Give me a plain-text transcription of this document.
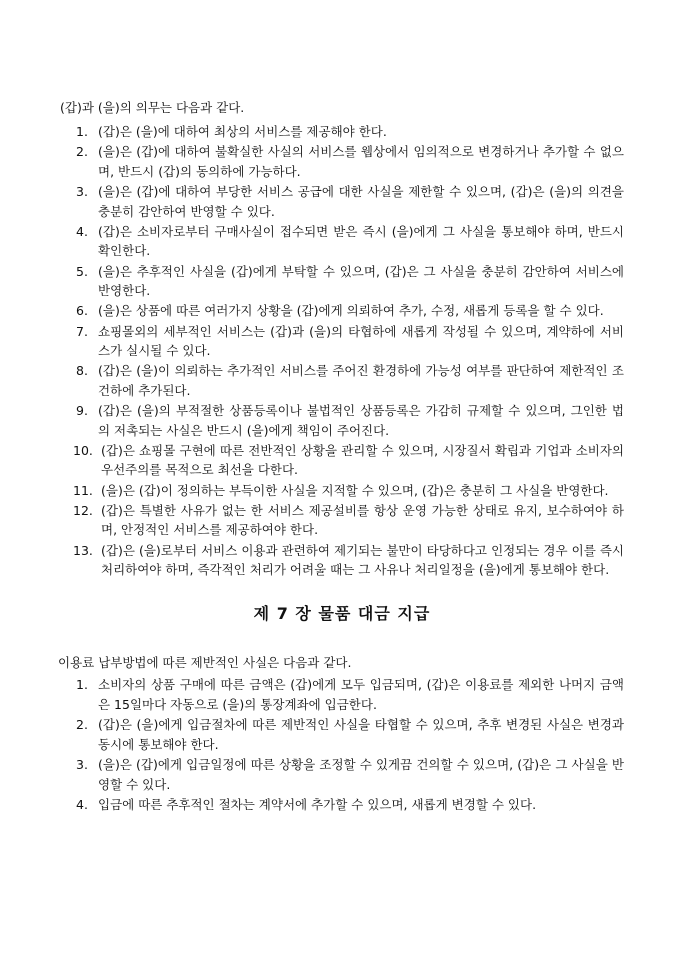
(갑)과 (을)의 의무는 다음과 같다.

1. (갑)은 (을)에 대하여 최상의 서비스를 제공해야 한다.
2. (을)은 (갑)에 대하여 불확실한 사실의 서비스를 웹상에서 임의적으로 변경하거나 추가할 수 없으며, 반드시 (갑)의 동의하에 가능하다.
3. (을)은 (갑)에 대하여 부당한 서비스 공급에 대한 사실을 제한할 수 있으며, (갑)은 (을)의 의견을 충분히 감안하여 반영할 수 있다.
4. (갑)은 소비자로부터 구매사실이 접수되면 받은 즉시 (을)에게 그 사실을 통보해야 하며, 반드시 확인한다.
5. (을)은 추후적인 사실을 (갑)에게 부탁할 수 있으며, (갑)은 그 사실을 충분히 감안하여 서비스에 반영한다.
6. (을)은 상품에 따른 여러가지 상황을 (갑)에게 의뢰하여 추가, 수정, 새롭게 등록을 할 수 있다.
7. 쇼핑몰외의 세부적인 서비스는 (갑)과 (을)의 타협하에 새롭게 작성될 수 있으며, 계약하에 서비스가 실시될 수 있다.
8. (갑)은 (을)이 의뢰하는 추가적인 서비스를 주어진 환경하에 가능성 여부를 판단하여 제한적인 조건하에 추가된다.
9. (갑)은 (을)의 부적절한 상품등록이나 불법적인 상품등록은 가감히 규제할 수 있으며, 그인한 법의 저촉되는 사실은 반드시 (을)에게 책임이 주어진다.
10. (갑)은 쇼핑몰 구현에 따른 전반적인 상황을 관리할 수 있으며, 시장질서 확립과 기업과 소비자의 우선주의를 목적으로 최선을 다한다.
11. (을)은 (갑)이 정의하는 부득이한 사실을 지적할 수 있으며, (갑)은 충분히 그 사실을 반영한다.
12. (갑)은 특별한 사유가 없는 한 서비스 제공설비를 항상 운영 가능한 상태로 유지, 보수하여야 하며, 안정적인 서비스를 제공하여야 한다.
13. (갑)은 (을)로부터 서비스 이용과 관련하여 제기되는 불만이 타당하다고 인정되는 경우 이를 즉시 처리하여야 하며, 즉각적인 처리가 어려울 때는 그 사유나 처리일정을 (을)에게 통보해야 한다.
제 7 장 물품 대금 지급

이용료 납부방법에 따른 제반적인 사실은 다음과 같다.

1. 소비자의 상품 구매에 따른 금액은 (갑)에게 모두 입금되며, (갑)은 이용료를 제외한 나머지 금액은 15일마다 자동으로 (을)의 통장계좌에 입금한다.
2. (갑)은 (을)에게 입금절차에 따른 제반적인 사실을 타협할 수 있으며, 추후 변경된 사실은 변경과 동시에 통보해야 한다.
3. (을)은 (갑)에게 입금일정에 따른 상황을 조정할 수 있게끔 건의할 수 있으며, (갑)은 그 사실을 반영할 수 있다.
4. 입금에 따른 추후적인 절차는 계약서에 추가할 수 있으며, 새롭게 변경할 수 있다.
